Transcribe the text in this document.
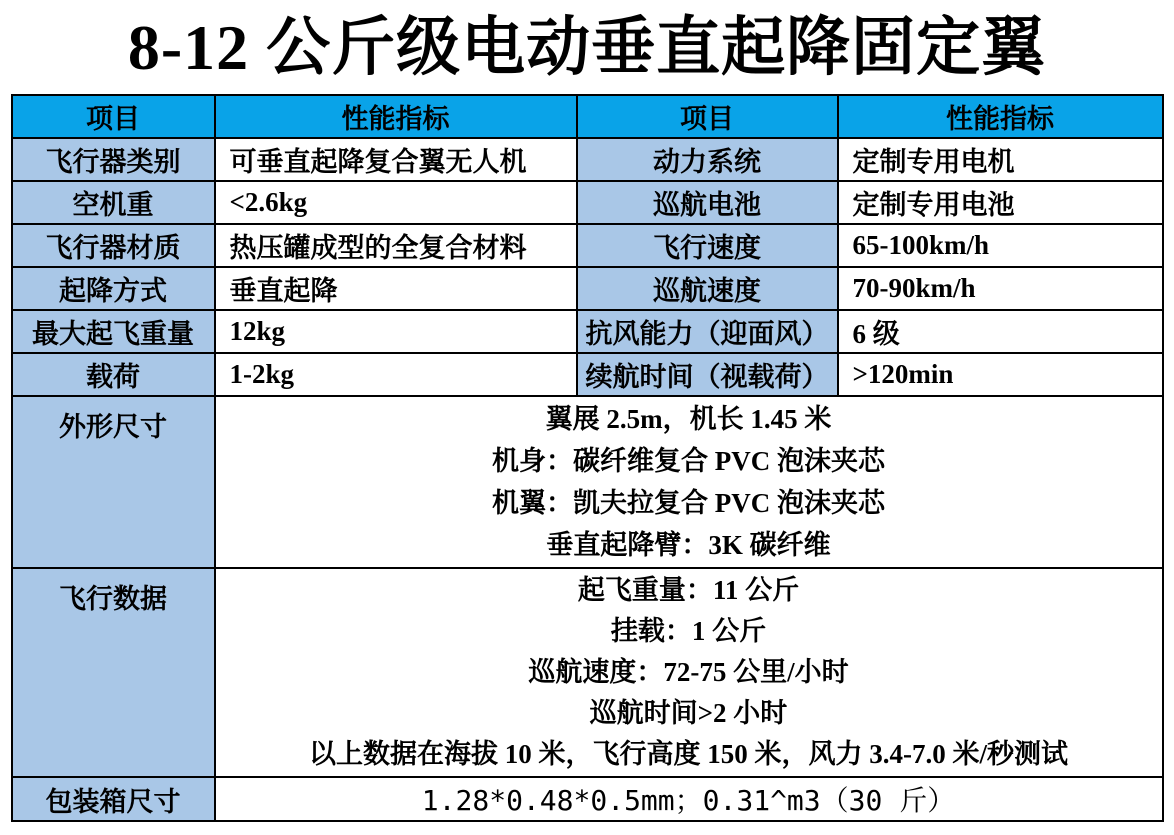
8-12 公斤级电动垂直起降固定翼
项目	性能指标	项目	性能指标
飞行器类别	可垂直起降复合翼无人机	动力系统	定制专用电机
空机重	<2.6kg	巡航电池	定制专用电池
飞行器材质	热压罐成型的全复合材料	飞行速度	65-100km/h
起降方式	垂直起降	巡航速度	70-90km/h
最大起飞重量	12kg	抗风能力（迎面风）	6 级
载荷	1-2kg	续航时间（视载荷）	>120min
外形尺寸	翼展 2.5m，机长 1.45 米
机身：碳纤维复合 PVC 泡沫夹芯
机翼：凯夫拉复合 PVC 泡沫夹芯
垂直起降臂：3K 碳纤维		

飞行数据	起飞重量：11 公斤
挂载：1 公斤
巡航速度：72-75 公里/小时
巡航时间>2 小时
以上数据在海拔 10 米，飞行高度 150 米，风力 3.4-7.0 米/秒测试		

包装箱尺寸	1.28*0.48*0.5mm；0.31^m3（30 斤）		
